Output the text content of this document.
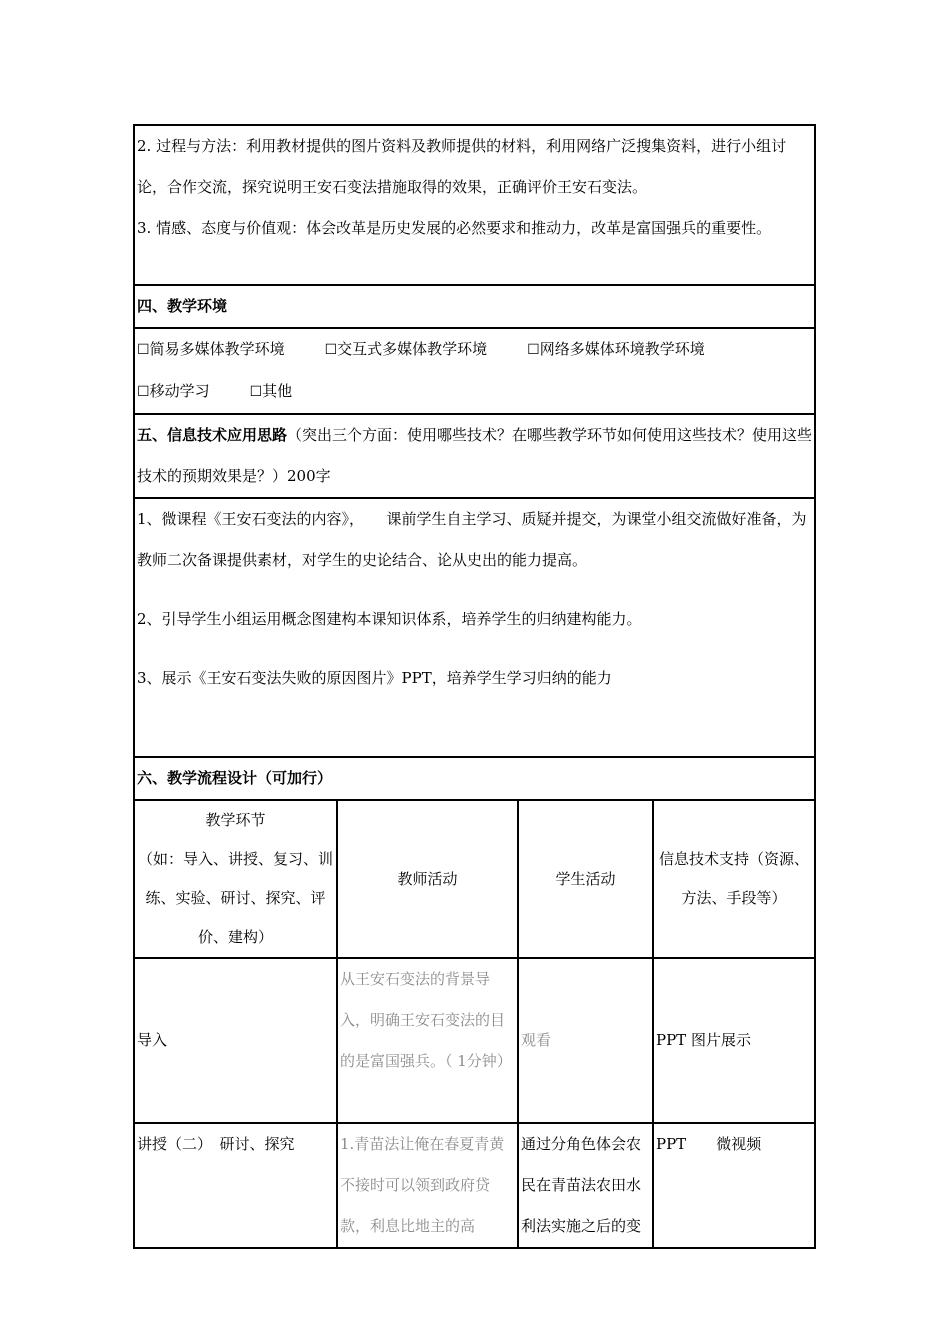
2. 过程与方法：利用教材提供的图片资料及教师提供的材料，利用网络广泛搜集资料，进行小组讨论，合作交流，探究说明王安石变法措施取得的效果，正确评价王安石变法。

3. 情感、态度与价值观：体会改革是历史发展的必然要求和推动力，改革是富国强兵的重要性。			

四、教学环境			

☐简易多媒体教学环境 ☐交互式多媒体教学环境 ☐网络多媒体环境教学环境
☐移动学习 ☐其他			

五、信息技术应用思路（突出三个方面：使用哪些技术？在哪些教学环节如何使用这些技术？使用这些技术的预期效果是？）200字			

1、微课程《王安石变法的内容》，　　课前学生自主学习、质疑并提交，为课堂小组交流做好准备，为教师二次备课提供素材，对学生的史论结合、论从史出的能力提高。

2、引导学生小组运用概念图建构本课知识体系，培养学生的归纳建构能力。

3、展示《王安石变法失败的原因图片》PPT，培养学生学习归纳的能力			

六、教学流程设计（可加行）			

教学环节
（如：导入、讲授、复习、训练、实验、研讨、探究、评价、建构）	教师活动	学生活动	信息技术支持（资源、方法、手段等）
导入	从王安石变法的背景导入，明确王安石变法的目的是富国强兵。（ 1分钟）	观看	PPT 图片展示
讲授（二）　研讨、探究	1.青苗法让俺在春夏青黄不接时可以领到政府贷款，利息比地主的高	通过分角色体会农民在青苗法农田水利法实施之后的变	PPT　　微视频
